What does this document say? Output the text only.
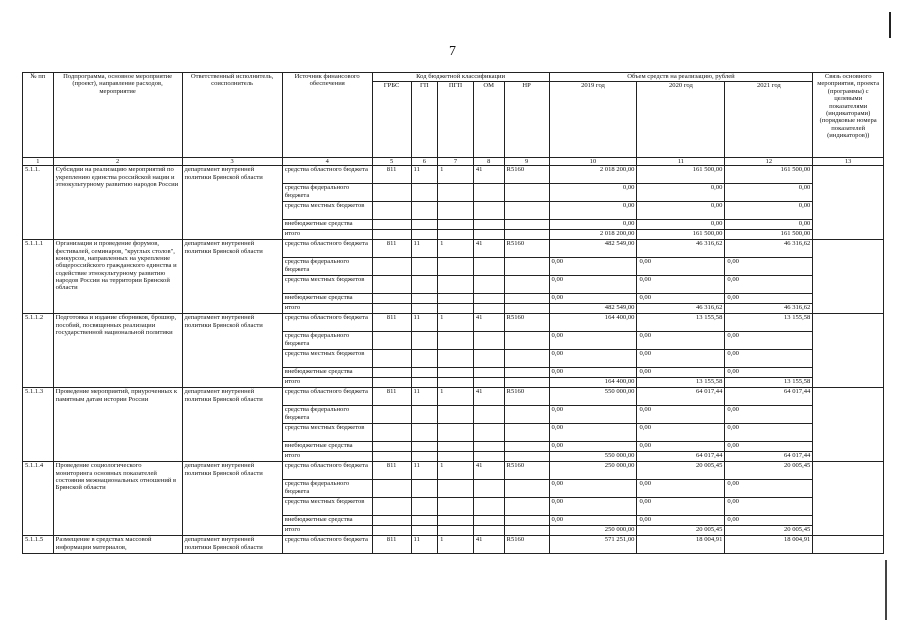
7
№ пп	Подпрограмма, основное мероприятие (проект), направление расходов, мероприятие	Ответственный исполнитель, соисполнитель	Источник финансового обеспечения	Код бюджетной классификации					Объем средств на реализацию, рублей			Связь основного мероприятия, проекта (программы) с целевыми показателями (индикаторами) (порядковые номера показателей (индикаторов))
				ГРБС	ГП	ПГП	ОМ	НР	2019 год	2020 год	2021 год	
1	2	3	4	5	6	7	8	9	10	11	12	13
5.1.1.	Субсидии на реализацию мероприятий по укреплению единства российской нации и этнокультурному развитию народов России	департамент внутренней политики Брянской области	средства областного бюджета	811	11	1	41	R5160	2 018 200,00	161 500,00	161 500,00	
			средства федерального бюджета						0,00	0,00	0,00	
			средства местных бюджетов						0,00	0,00	0,00	
			внебюджетные средства						0,00	0,00	0,00	
			итого						2 018 200,00	161 500,00	161 500,00	
5.1.1.1	Организация и проведение форумов, фестивалей, семинаров, "круглых столов", конкурсов, направленных на укрепление общероссийского гражданского единства и содействие этнокультурному развитию народов России на территории Брянской области	департамент внутренней политики Брянской области	средства областного бюджета	811	11	1	41	R5160	482 549,00	46 316,62	46 316,62	
			средства федерального бюджета						0,00	0,00	0,00	
			средства местных бюджетов						0,00	0,00	0,00	
			внебюджетные средства						0,00	0,00	0,00	
			итого						482 549,00	46 316,62	46 316,62	
5.1.1.2	Подготовка и издание сборников, брошюр, пособий, посвященных реализации государственной национальной политики	департамент внутренней политики Брянской области	средства областного бюджета	811	11	1	41	R5160	164 400,00	13 155,58	13 155,58	
			средства федерального бюджета						0,00	0,00	0,00	
			средства местных бюджетов						0,00	0,00	0,00	
			внебюджетные средства						0,00	0,00	0,00	
			итого						164 400,00	13 155,58	13 155,58	
5.1.1.3	Проведение мероприятий, приуроченных к памятным датам истории России	департамент внутренней политики Брянской области	средства областного бюджета	811	11	1	41	R5160	550 000,00	64 017,44	64 017,44	
			средства федерального бюджета						0,00	0,00	0,00	
			средства местных бюджетов						0,00	0,00	0,00	
			внебюджетные средства						0,00	0,00	0,00	
			итого						550 000,00	64 017,44	64 017,44	
5.1.1.4	Проведение социологического мониторинга основных показателей состояния межнациональных отношений в Брянской области	департамент внутренней политики Брянской области	средства областного бюджета	811	11	1	41	R5160	250 000,00	20 005,45	20 005,45	
			средства федерального бюджета						0,00	0,00	0,00	
			средства местных бюджетов						0,00	0,00	0,00	
			внебюджетные средства						0,00	0,00	0,00	
			итого						250 000,00	20 005,45	20 005,45	
5.1.1.5	Размещение в средствах массовой информации материалов,	департамент внутренней политики Брянской области	средства областного бюджета	811	11	1	41	R5160	571 251,00	18 004,91	18 004,91	
